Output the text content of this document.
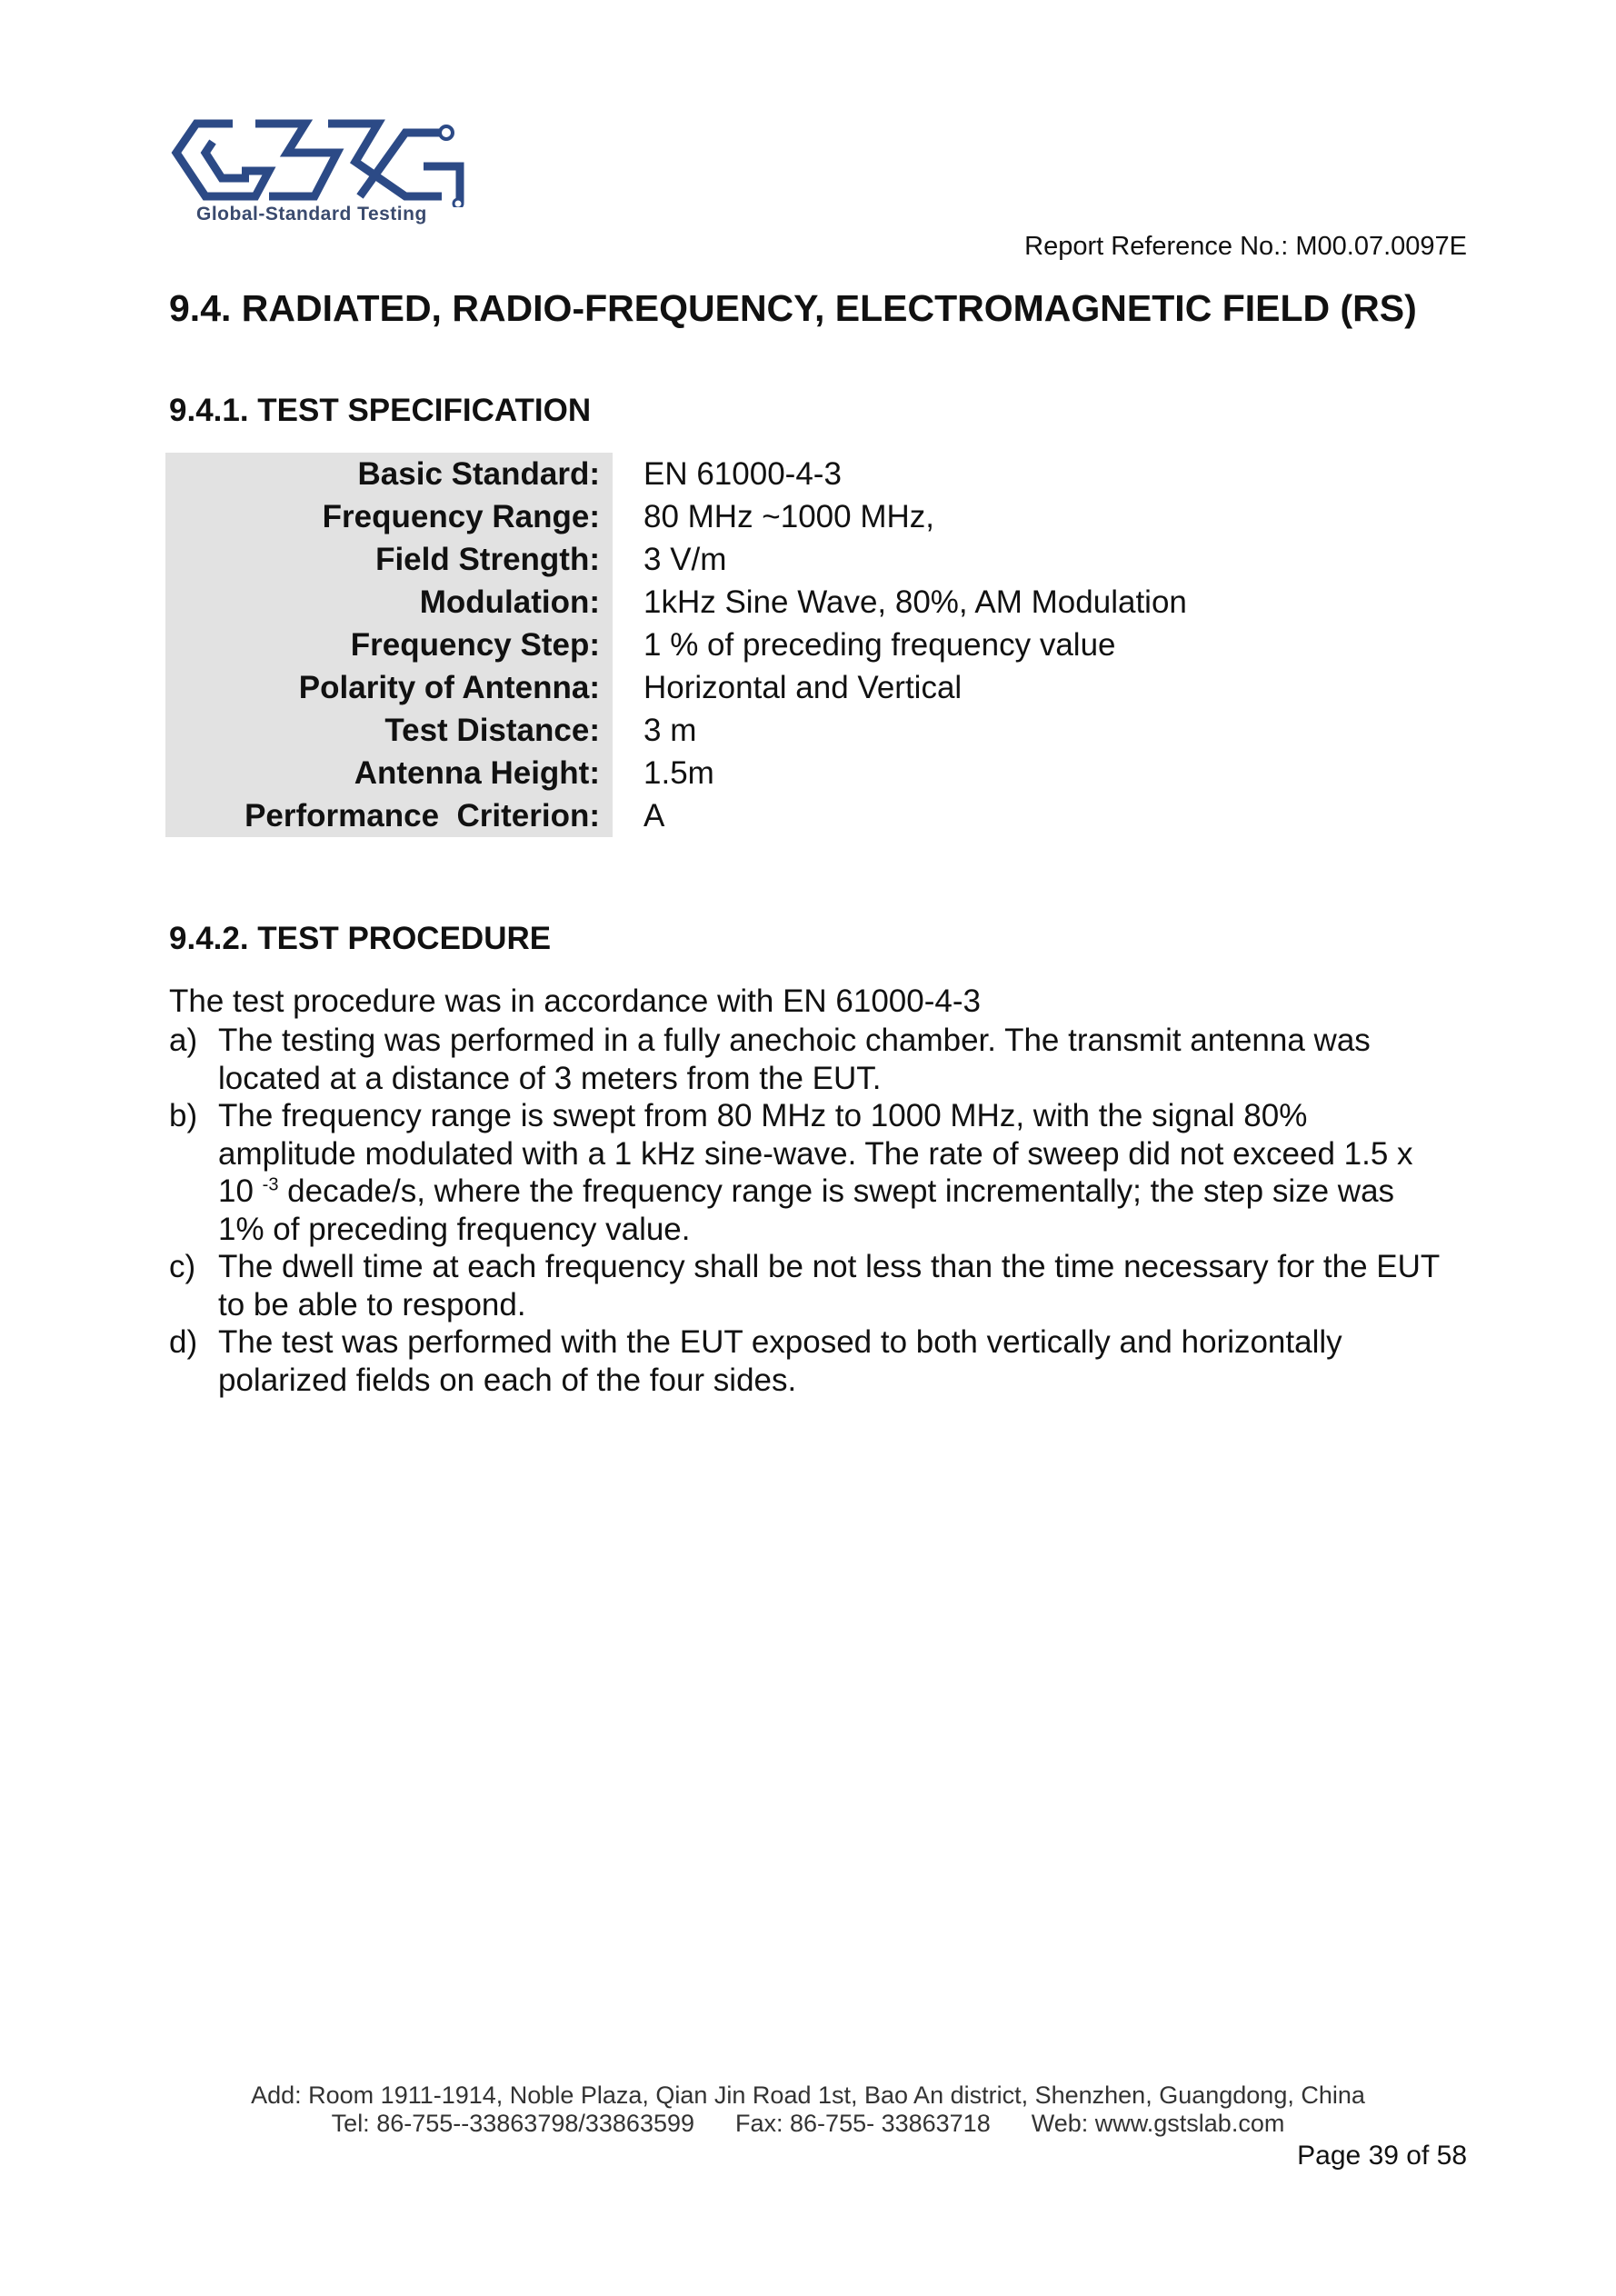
Global-Standard Testing
Report Reference No.: M00.07.0097E
9.4. RADIATED, RADIO-FREQUENCY, ELECTROMAGNETIC FIELD (RS)
9.4.1. TEST SPECIFICATION
Basic Standard:	EN 61000-4-3
Frequency Range:	80 MHz ~1000 MHz,
Field Strength:	3 V/m
Modulation:	1kHz Sine Wave, 80%, AM Modulation
Frequency Step:	1 % of preceding frequency value
Polarity of Antenna:	Horizontal and Vertical
Test Distance:	3 m
Antenna Height:	1.5m
Performance  Criterion:	A
9.4.2. TEST PROCEDURE
The test procedure was in accordance with EN 61000-4-3
a) The testing was performed in a fully anechoic chamber. The transmit antenna was
located at a distance of 3 meters from the EUT.
b) The frequency range is swept from 80 MHz to 1000 MHz, with the signal 80%
amplitude modulated with a 1 kHz sine-wave. The rate of sweep did not exceed 1.5 x
10 $^{-3}$ decade/s, where the frequency range is swept incrementally; the step size was
1% of preceding frequency value.
c) The dwell time at each frequency shall be not less than the time necessary for the EUT
to be able to respond.
d) The test was performed with the EUT exposed to both vertically and horizontally
polarized fields on each of the four sides.
Add: Room 1911-1914, Noble Plaza, Qian Jin Road 1st, Bao An district, Shenzhen, Guangdong, China
Tel: 86-755--33863798/33863599      Fax: 86-755- 33863718      Web: www.gstslab.com
Page 39 of 58
